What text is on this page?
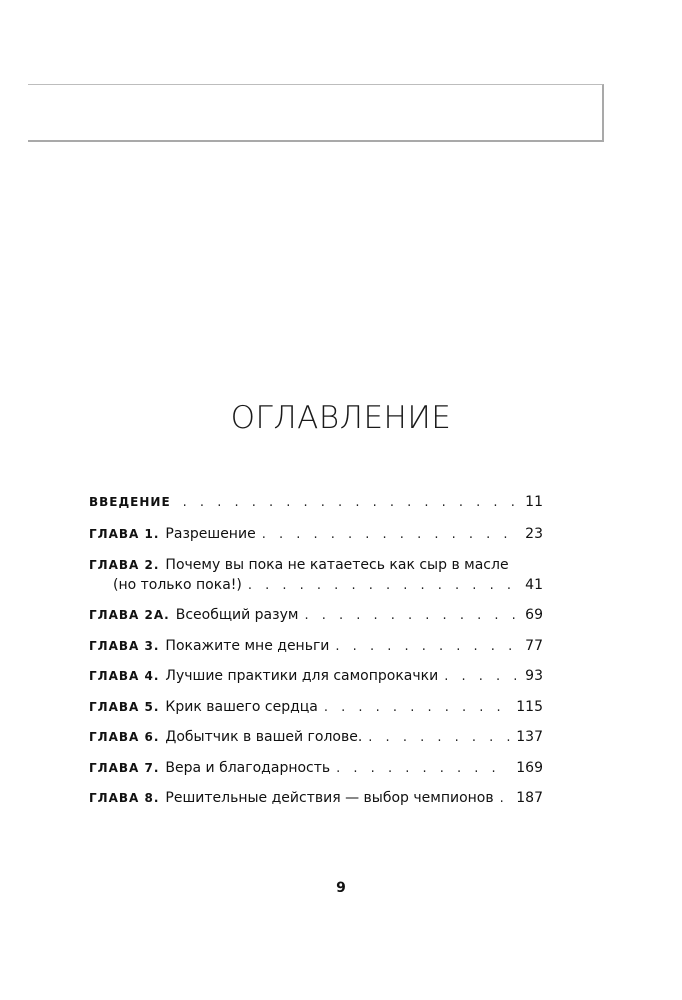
ОГЛАВЛЕНИЕ
ВВЕДЕНИЕ . . .	11
ГЛАВА 1. Разрешение . . .	23
ГЛАВА 2. Почему вы пока не катаетесь как сыр в масле
(но только пока!) . . .	41
ГЛАВА 2А. Всеобщий разум . . .	69
ГЛАВА 3. Покажите мне деньги . . .	77
ГЛАВА 4. Лучшие практики для самопрокачки . . .	93
ГЛАВА 5. Крик вашего сердца . . .	115
ГЛАВА 6. Добытчик в вашей голове. . . .	137
ГЛАВА 7. Вера и благодарность . . .	169
ГЛАВА 8. Решительные действия — выбор чемпионов . . . 187
9
